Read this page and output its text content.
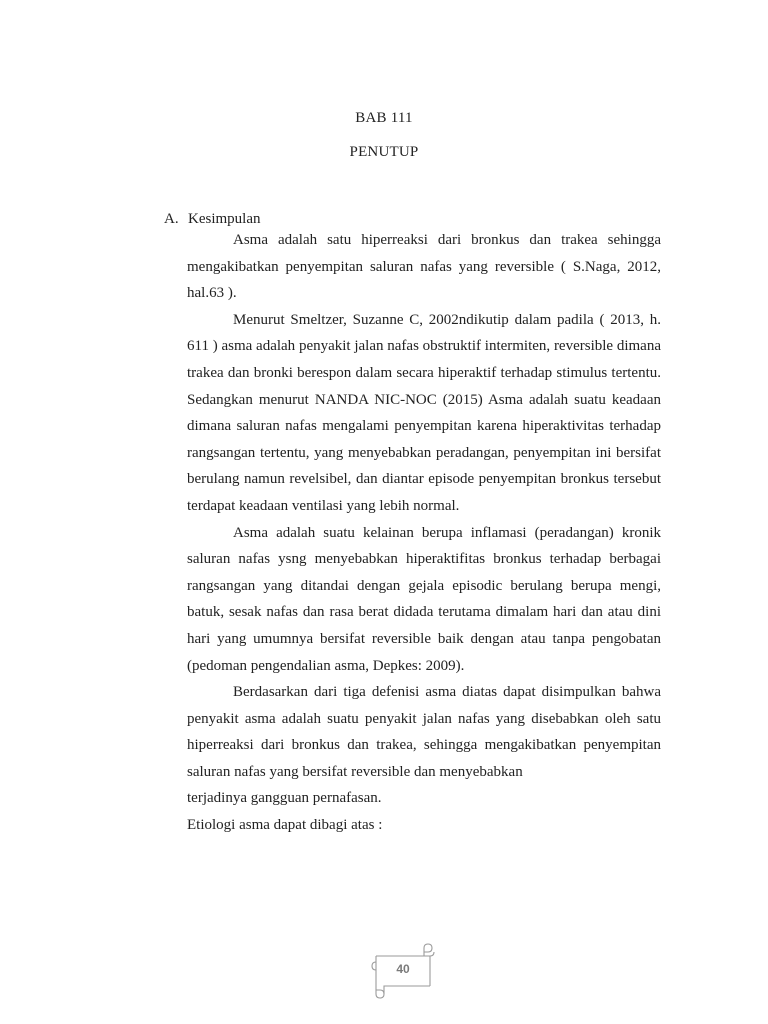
BAB 111
PENUTUP
A. Kesimpulan

Asma adalah satu hiperreaksi dari bronkus dan trakea sehingga mengakibatkan penyempitan saluran nafas yang reversible ( S.Naga, 2012, hal.63 ).

Menurut Smeltzer, Suzanne C, 2002ndikutip dalam padila ( 2013, h. 611 ) asma adalah penyakit jalan nafas obstruktif intermiten, reversible dimana trakea dan bronki berespon dalam secara hiperaktif terhadap stimulus tertentu. Sedangkan menurut NANDA NIC-NOC (2015) Asma adalah suatu keadaan dimana saluran nafas mengalami penyempitan karena hiperaktivitas terhadap rangsangan tertentu, yang menyebabkan peradangan, penyempitan ini bersifat berulang namun revelsibel, dan diantar episode penyempitan bronkus tersebut terdapat keadaan ventilasi yang lebih normal.

Asma adalah suatu kelainan berupa inflamasi (peradangan) kronik saluran nafas ysng menyebabkan hiperaktifitas bronkus terhadap berbagai rangsangan yang ditandai dengan gejala episodic berulang berupa mengi, batuk, sesak nafas dan rasa berat didada terutama dimalam hari dan atau dini hari yang umumnya bersifat reversible baik dengan atau tanpa pengobatan (pedoman pengendalian asma, Depkes: 2009).

Berdasarkan dari tiga defenisi asma diatas dapat disimpulkan bahwa penyakit asma adalah suatu penyakit jalan nafas yang disebabkan oleh satu hiperreaksi dari bronkus dan trakea, sehingga mengakibatkan penyempitan saluran nafas yang bersifat reversible dan menyebabkan

terjadinya gangguan pernafasan.

Etiologi asma dapat dibagi atas :

40
